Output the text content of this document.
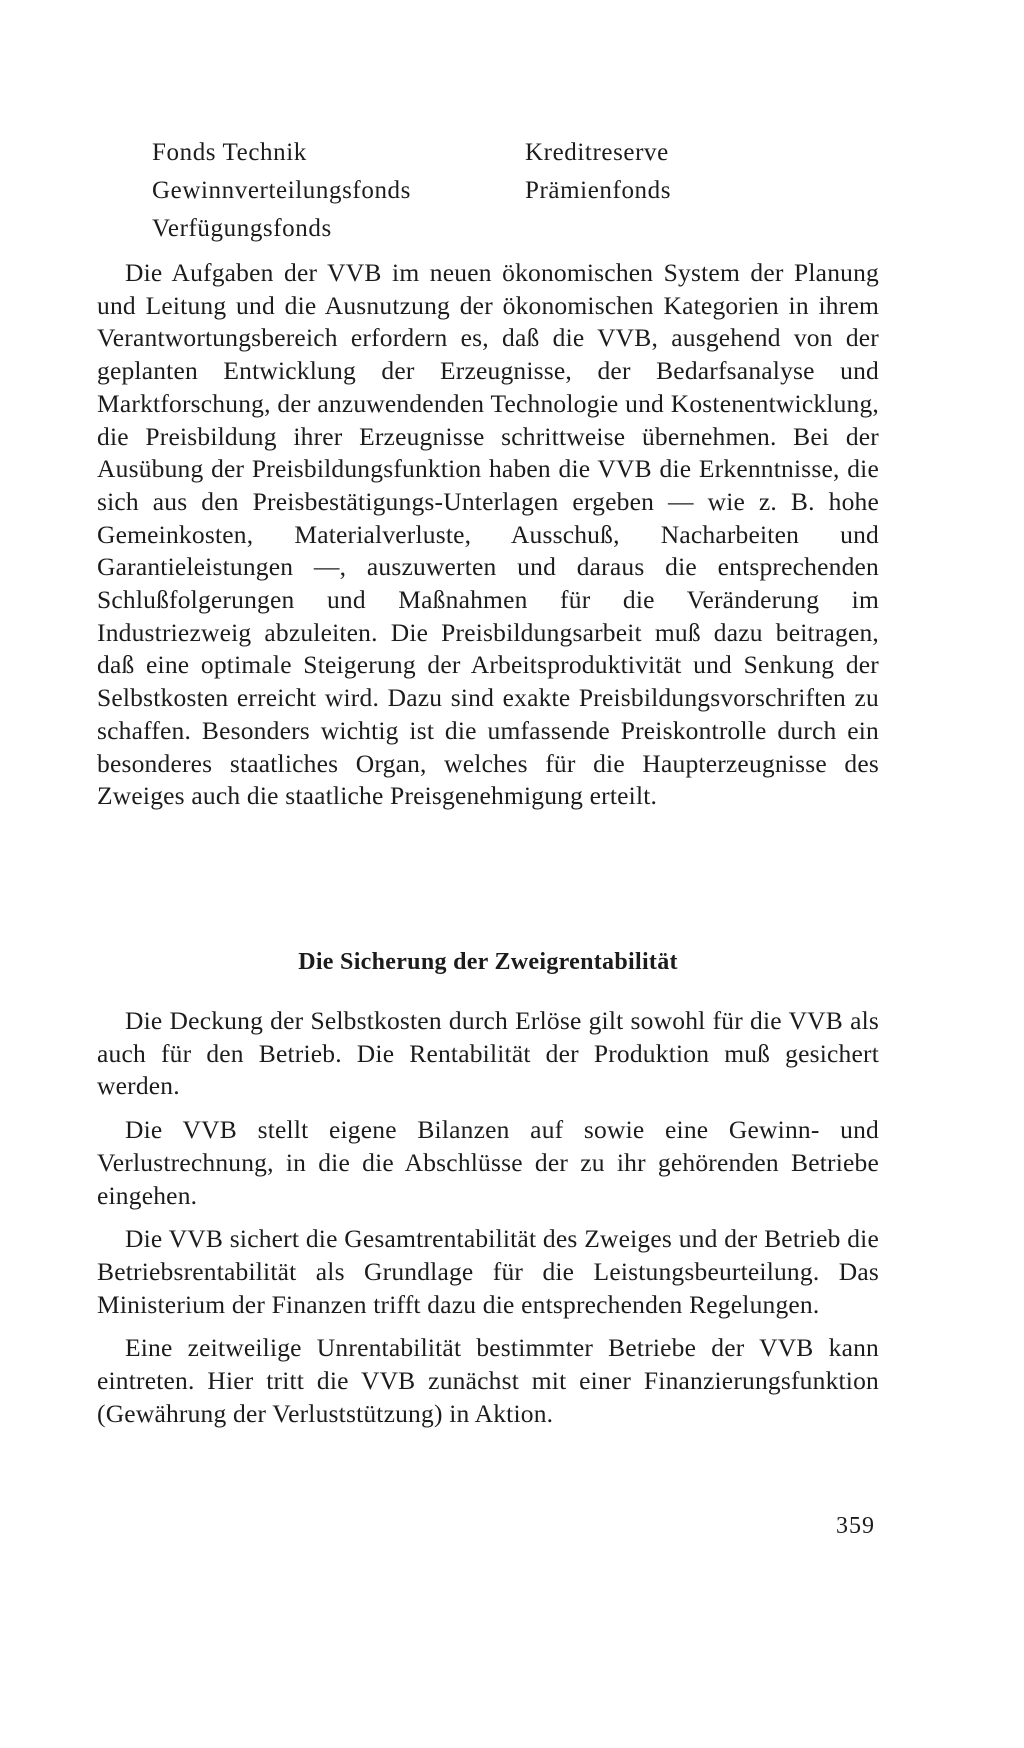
Fonds Technik	Kreditreserve
Gewinnverteilungsfonds	Prämienfonds
Verfügungsfonds

Die Aufgaben der VVB im neuen ökonomischen System der Planung und Leitung und die Ausnutzung der ökonomischen Kategorien in ihrem Verantwortungsbereich erfordern es, daß die VVB, ausgehend von der geplanten Entwicklung der Erzeugnisse, der Bedarfsanalyse und Marktforschung, der anzuwendenden Technologie und Kostenentwicklung, die Preisbildung ihrer Erzeugnisse schrittweise übernehmen. Bei der Ausübung der Preisbildungsfunktion haben die VVB die Erkenntnisse, die sich aus den Preisbestätigungs-Unterlagen ergeben — wie z. B. hohe Gemeinkosten, Materialverluste, Ausschuß, Nacharbeiten und Garantieleistungen —, auszuwerten und daraus die entsprechenden Schlußfolgerungen und Maßnahmen für die Veränderung im Industriezweig abzuleiten. Die Preisbildungsarbeit muß dazu beitragen, daß eine optimale Steigerung der Arbeitsproduktivität und Senkung der Selbstkosten erreicht wird. Dazu sind exakte Preisbildungsvorschriften zu schaffen. Besonders wichtig ist die umfassende Preiskontrolle durch ein besonderes staatliches Organ, welches für die Haupterzeugnisse des Zweiges auch die staatliche Preisgenehmigung erteilt.

Die Sicherung der Zweigrentabilität

Die Deckung der Selbstkosten durch Erlöse gilt sowohl für die VVB als auch für den Betrieb. Die Rentabilität der Produktion muß gesichert werden.

Die VVB stellt eigene Bilanzen auf sowie eine Gewinn- und Verlustrechnung, in die die Abschlüsse der zu ihr gehörenden Betriebe eingehen.

Die VVB sichert die Gesamtrentabilität des Zweiges und der Betrieb die Betriebsrentabilität als Grundlage für die Leistungsbeurteilung. Das Ministerium der Finanzen trifft dazu die entsprechenden Regelungen.

Eine zeitweilige Unrentabilität bestimmter Betriebe der VVB kann eintreten. Hier tritt die VVB zunächst mit einer Finanzierungsfunktion (Gewährung der Verluststützung) in Aktion.

359
